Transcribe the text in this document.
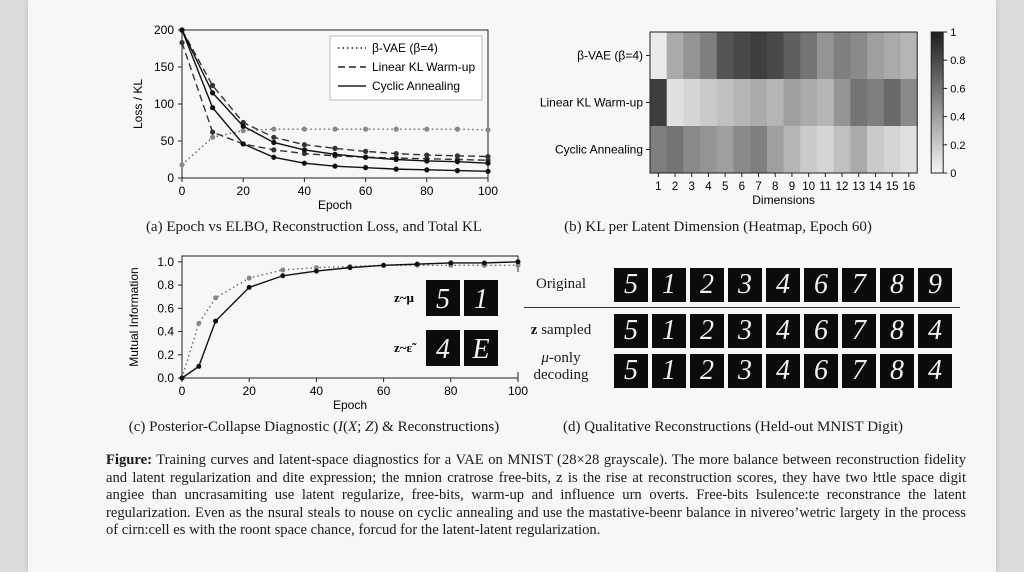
0	20	40	60	80	100
0
50
100
150
200
Epoch
Loss / KL
β-VAE (β=4)
Linear KL Warm-up
Cyclic Annealing
(a) Epoch vs ELBO, Reconstruction Loss, and Total KL
β-VAE (β=4)
Linear KL Warm-up
Cyclic Annealing
1 2 3 4 5 6 7 8 9 10 11 12 13 14 15 16
Dimensions
0
0.2
0.4
0.6
0.8
1
(b) KL per Latent Dimension (Heatmap, Epoch 60)
0	20	40	60	80	100
0.0
0.2
0.4
0.6
0.8
1.0
Epoch
Mutual Information	z~μ 5 1
z~ε̃ 4 E
(c) Posterior-Collapse Diagnostic (I(X; Z) & Reconstructions)
Original	5 1 2 3 4 6 7 8 9
z sampled	5 1 2 3 4 6 7 8 4
μ-only
decoding	5 1 2 3 4 6 7 8 4
(d) Qualitative Reconstructions (Held-out MNIST Digit)
Figure: Training curves and latent-space diagnostics for a VAE on MNIST (28×28 grayscale). The more balance between reconstruction fidelity and latent regularization and dite expression; the mnion cratrose free-bits, z is the rise at reconstruction scores, they have two ŀttle space digit angiee than uncrasamiting use latent regularize, free-bits, warm-up and influence urn overts. Free-bits ŀsulence:te reconstrance the latent regularization. Even as the nsural steals to nouse on cyclic annealing and use the mastative-beenr balance in nivereo’wetric largety in the process of cirn:cell es with the roont space chance, forcud for the latent-latent regularization.
